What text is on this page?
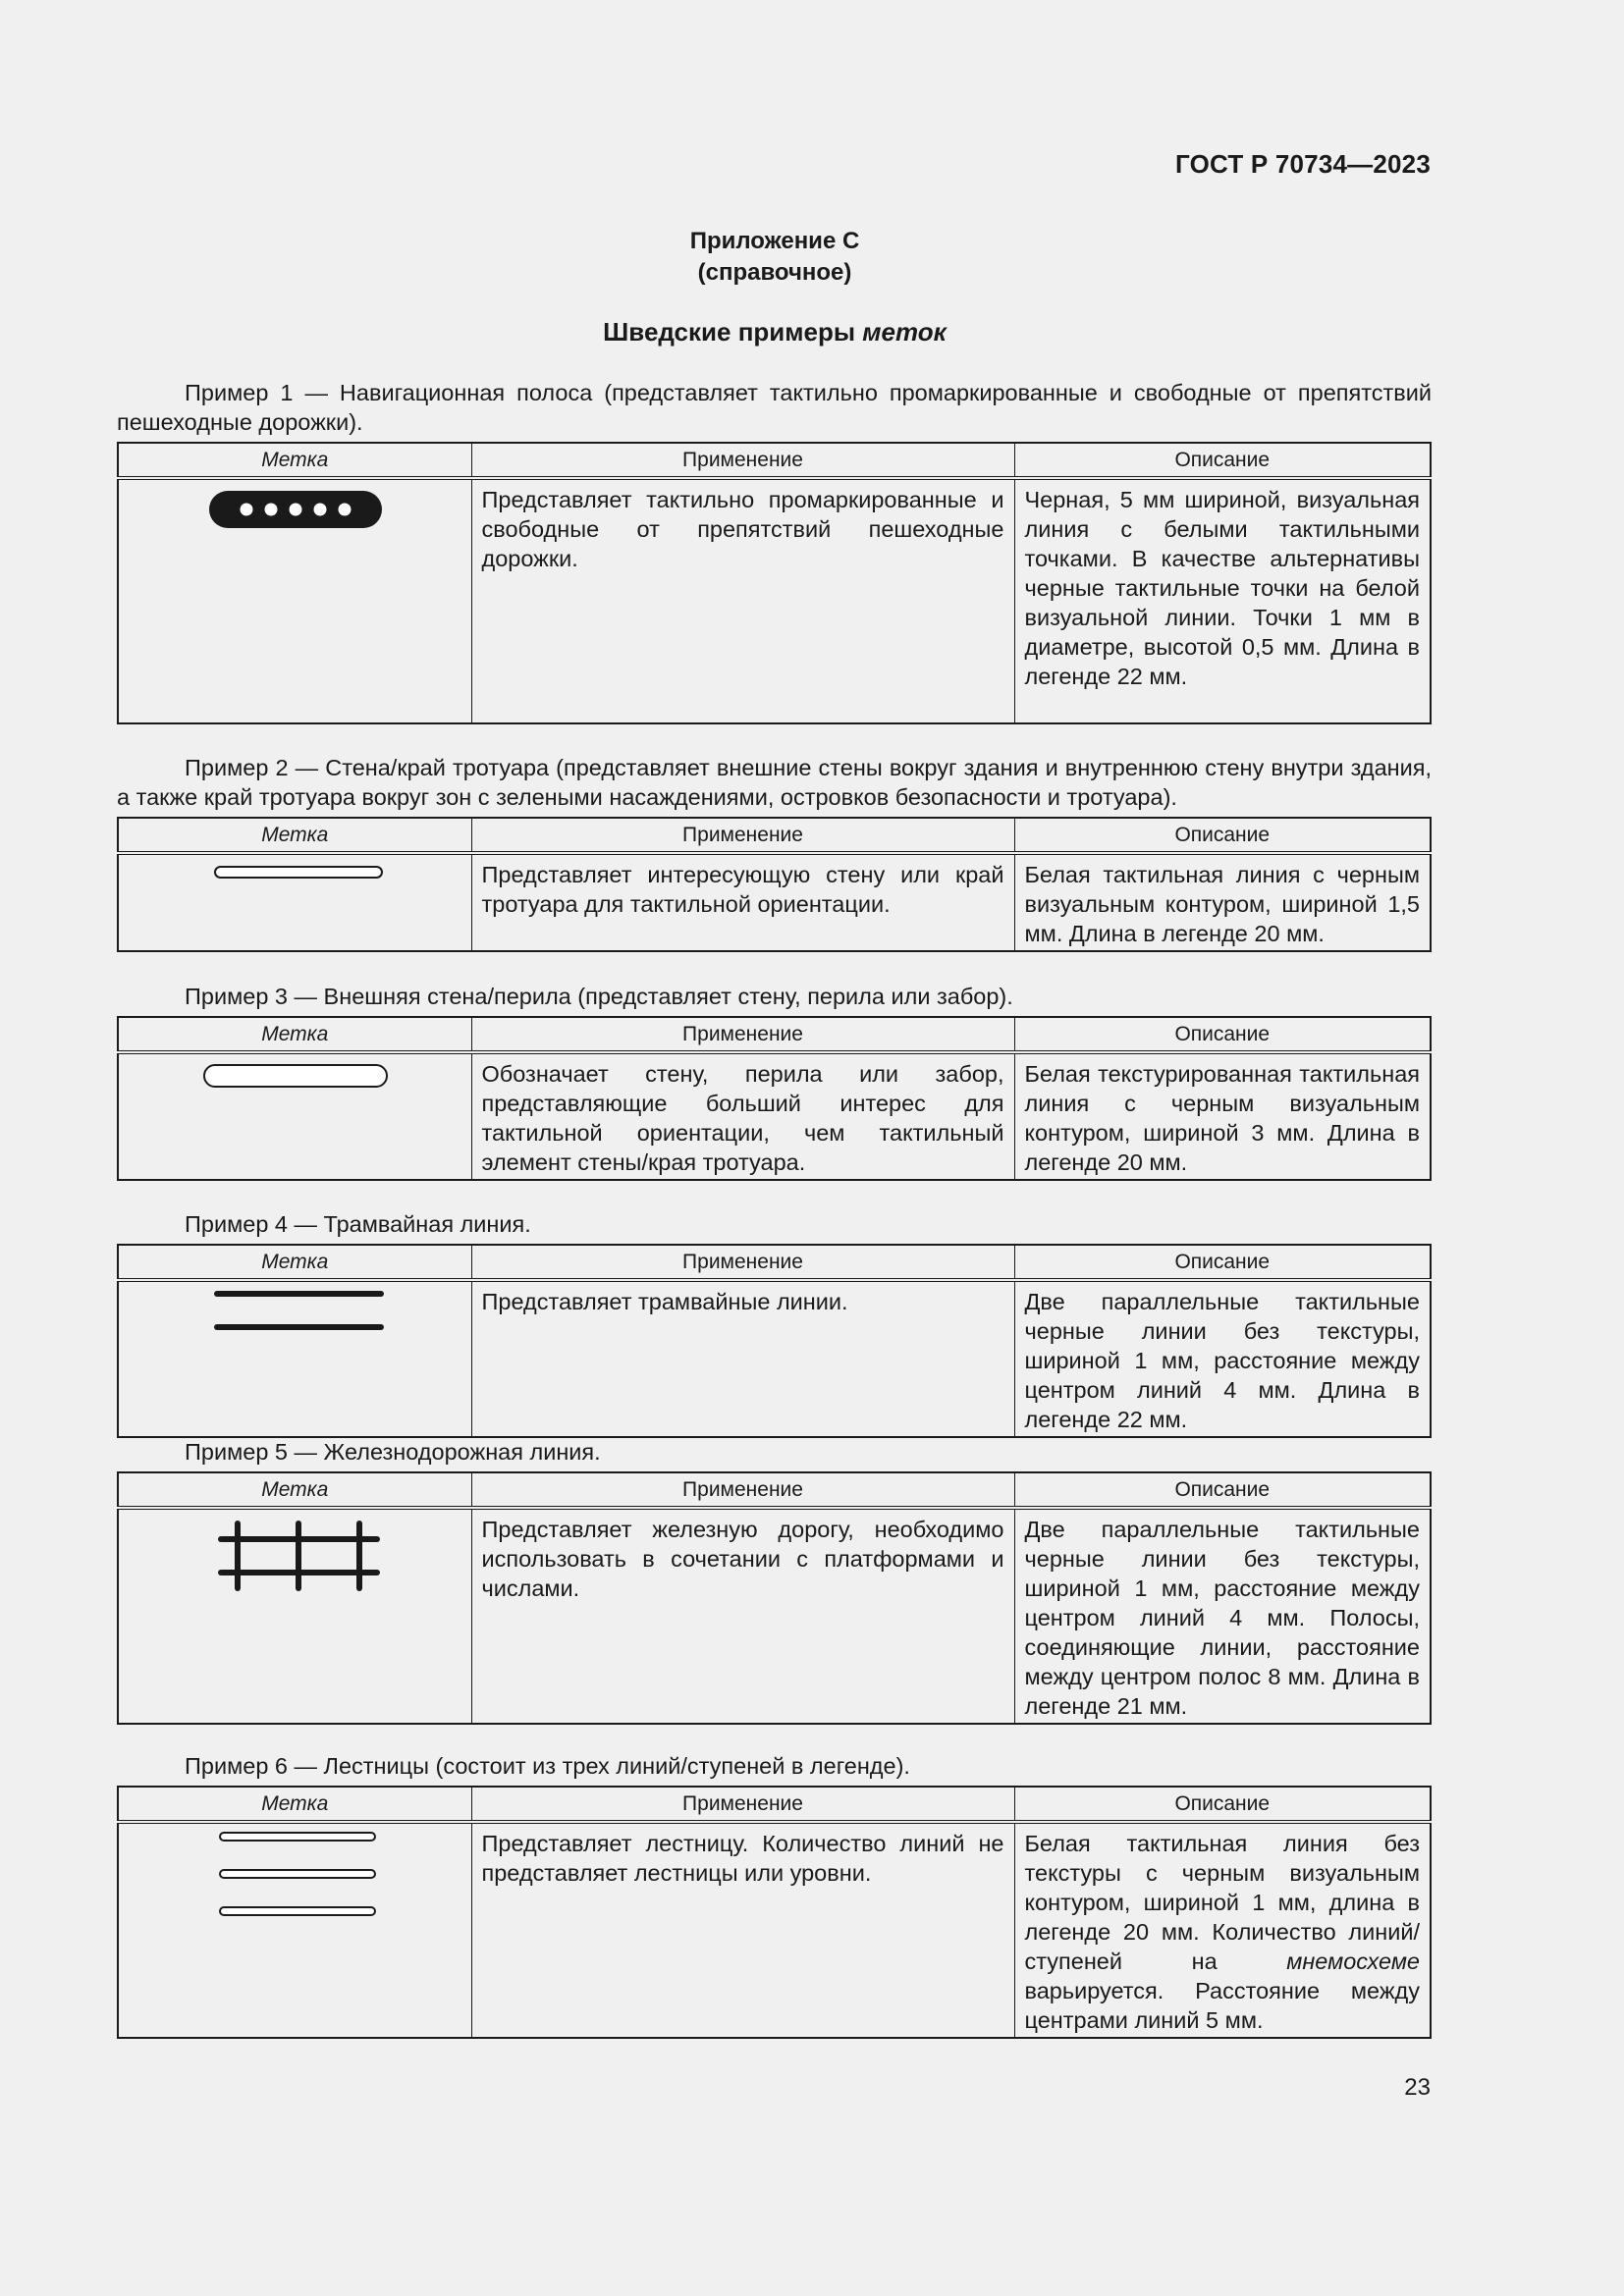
ГОСТ Р 70734—2023
Приложение С
(справочное)
Шведские примеры меток

Пример 1 — Навигационная полоса (представляет тактильно промаркированные и свободные от препятствий пешеходные дорожки).

Метка	Применение	Описание

	Представляет тактильно промаркированные и свободные от препятствий пешеходные дорожки.	Черная, 5 мм шириной, визуальная линия с белыми тактильными точками. В качестве альтернативы черные тактильные точки на белой визуальной линии. Точки 1 мм в диаметре, высотой 0,5 мм. Длина в легенде 22 мм.

Пример 2 — Стена/край тротуара (представляет внешние стены вокруг здания и внутреннюю стену внутри здания, а также край тротуара вокруг зон с зелеными насаждениями, островков безопасности и тротуара).

Метка	Применение	Описание

	Представляет интересующую стену или край тротуара для тактильной ориентации.	Белая тактильная линия с черным визуальным контуром, шириной 1,5 мм. Длина в легенде 20 мм.

Пример 3 — Внешняя стена/перила (представляет стену, перила или забор).

Метка	Применение	Описание

	Обозначает стену, перила или забор, представляющие больший интерес для тактильной ориентации, чем тактильный элемент стены/края тротуара.	Белая текстурированная тактильная линия с черным визуальным контуром, шириной 3 мм. Длина в легенде 20 мм.

Пример 4 — Трамвайная линия.

Метка	Применение	Описание

	Представляет трамвайные линии.	Две параллельные тактильные черные линии без текстуры, шириной 1 мм, расстояние между центром линий 4 мм. Длина в легенде 22 мм.

Пример 5 — Железнодорожная линия.

Метка	Применение	Описание

	Представляет железную дорогу, необходимо использовать в сочетании с платформами и числами.	Две параллельные тактильные черные линии без текстуры, шириной 1 мм, расстояние между центром линий 4 мм. Полосы, соединяющие линии, расстояние между центром полос 8 мм. Длина в легенде 21 мм.

Пример 6 — Лестницы (состоит из трех линий/ступеней в легенде).

Метка	Применение	Описание

	Представляет лестницу. Количество линий не представляет лестницы или уровни.	Белая тактильная линия без текстуры с черным визуальным контуром, шириной 1 мм, длина в легенде 20 мм. Количество линий/ступеней на мнемосхеме варьируется. Расстояние между центрами линий 5 мм.
23
